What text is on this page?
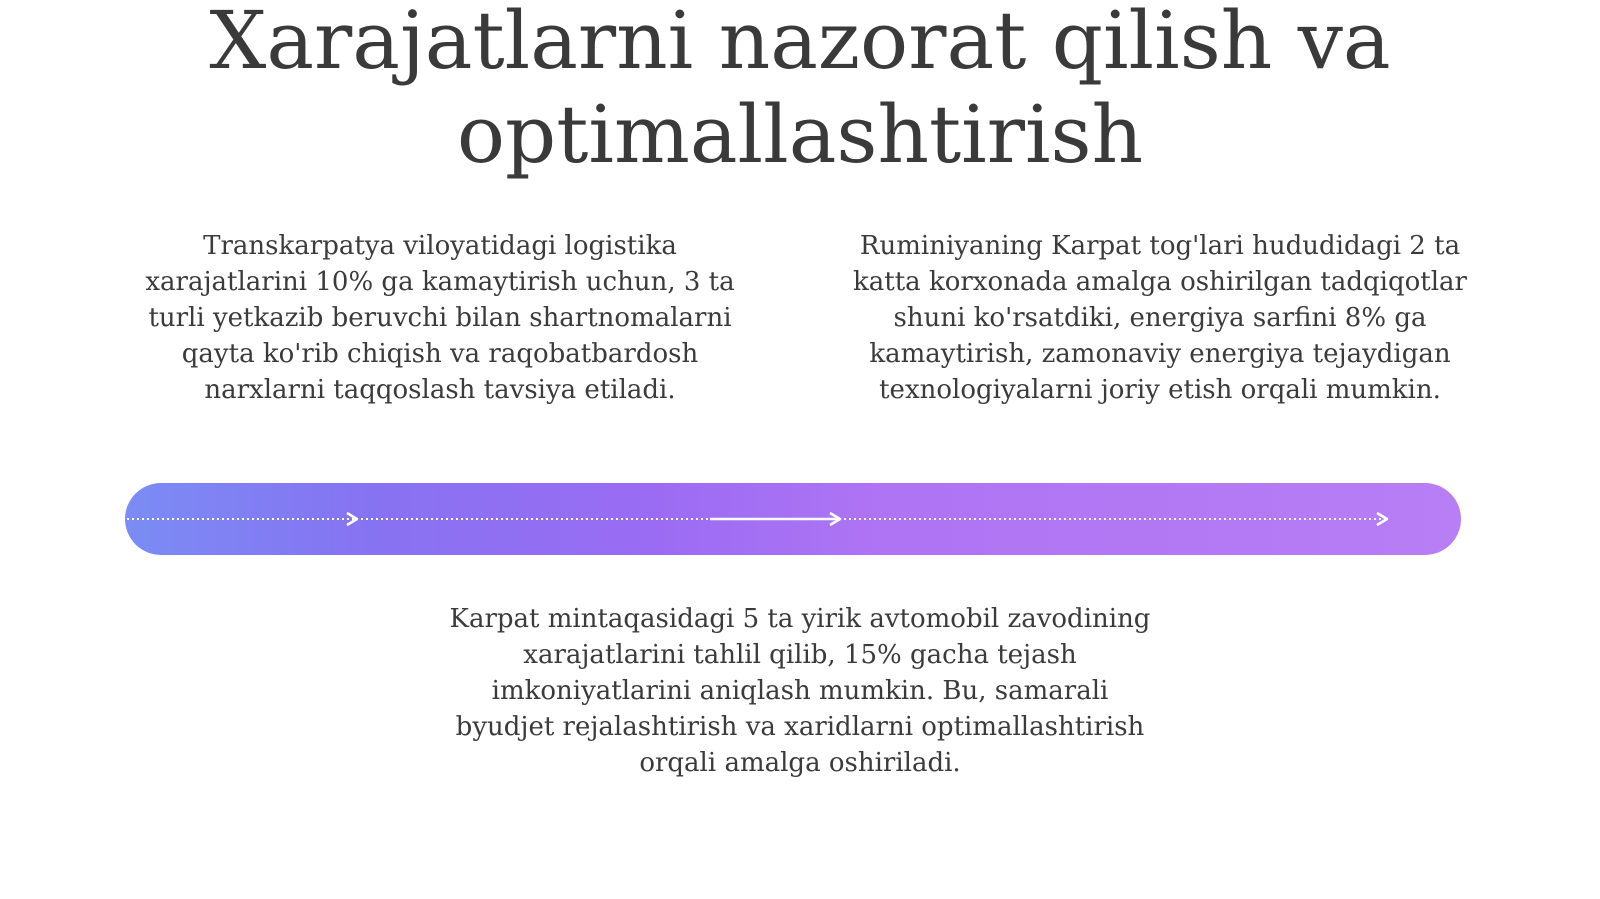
Xarajatlarni nazorat qilish va optimallashtirish

Transkarpatya viloyatidagi logistika xarajatlarini 10% ga kamaytirish uchun, 3 ta turli yetkazib beruvchi bilan shartnomalarni qayta ko'rib chiqish va raqobatbardosh narxlarni taqqoslash tavsiya etiladi.

Ruminiyaning Karpat tog'lari hududidagi 2 ta katta korxonada amalga oshirilgan tadqiqotlar shuni ko'rsatdiki, energiya sarfini 8% ga kamaytirish, zamonaviy energiya tejaydigan texnologiyalarni joriy etish orqali mumkin.

Karpat mintaqasidagi 5 ta yirik avtomobil zavodining xarajatlarini tahlil qilib, 15% gacha tejash imkoniyatlarini aniqlash mumkin. Bu, samarali byudjet rejalashtirish va xaridlarni optimallashtirish orqali amalga oshiriladi.
